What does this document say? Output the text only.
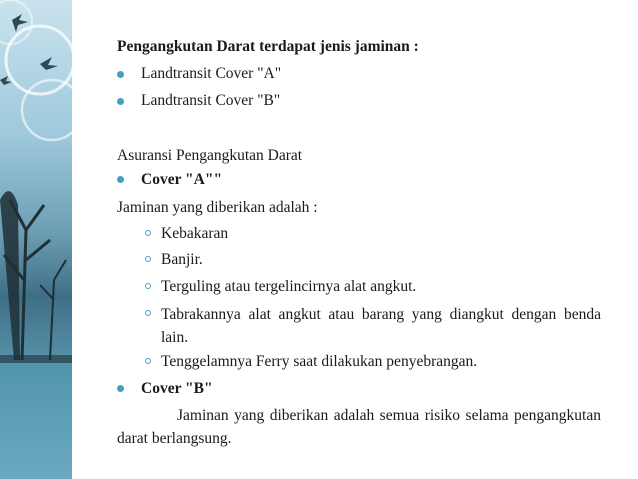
Pengangkutan Darat terdapat jenis jaminan :
Landtransit Cover "A"
Landtransit Cover "B"
Asuransi Pengangkutan Darat
Cover "A""
Jaminan yang diberikan adalah :
Kebakaran
Banjir.
Terguling atau tergelincirnya alat angkut.
Tabrakannya alat angkut atau barang yang diangkut dengan benda lain.
Tenggelamnya Ferry saat dilakukan penyebrangan.
Cover "B"
Jaminan yang diberikan adalah semua risiko selama pengangkutan darat berlangsung.
